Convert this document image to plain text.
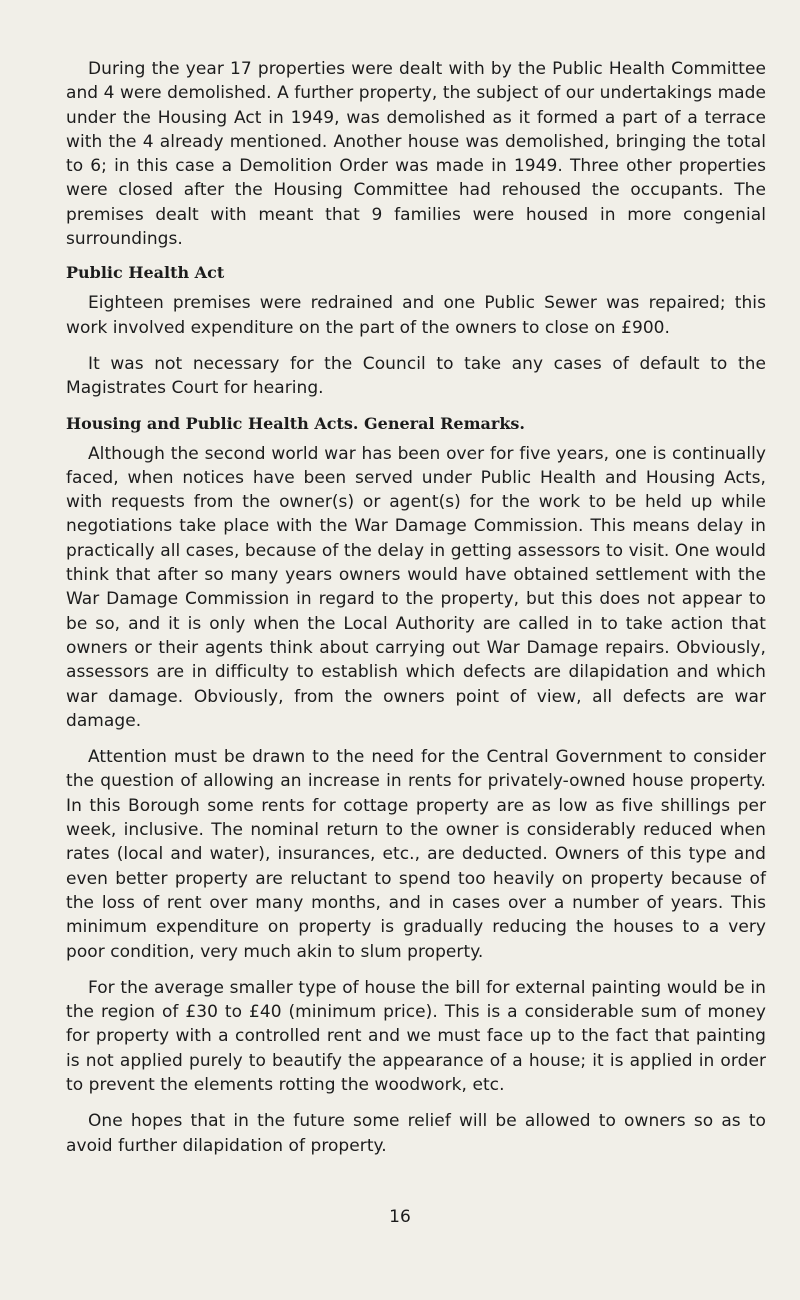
During the year 17 properties were dealt with by the Public Health Committee and 4 were demolished. A further property, the subject of our undertakings made under the Housing Act in 1949, was demolished as it formed a part of a terrace with the 4 already mentioned. Another house was demolished, bringing the total to 6; in this case a Demolition Order was made in 1949. Three other properties were closed after the Housing Committee had rehoused the occupants. The premises dealt with meant that 9 families were housed in more congenial surroundings.

Public Health Act

Eighteen premises were redrained and one Public Sewer was repaired; this work involved expenditure on the part of the owners to close on £900.

It was not necessary for the Council to take any cases of default to the Magistrates Court for hearing.

Housing and Public Health Acts. General Remarks.

Although the second world war has been over for five years, one is continually faced, when notices have been served under Public Health and Housing Acts, with requests from the owner(s) or agent(s) for the work to be held up while negotiations take place with the War Damage Commission. This means delay in practically all cases, because of the delay in getting assessors to visit. One would think that after so many years owners would have obtained settlement with the War Damage Commission in regard to the property, but this does not appear to be so, and it is only when the Local Authority are called in to take action that owners or their agents think about carrying out War Damage repairs. Obviously, assessors are in difficulty to establish which defects are dilapidation and which war damage. Obviously, from the owners point of view, all defects are war damage.

Attention must be drawn to the need for the Central Government to consider the question of allowing an increase in rents for privately-owned house property. In this Borough some rents for cottage property are as low as five shillings per week, inclusive. The nominal return to the owner is considerably reduced when rates (local and water), insurances, etc., are deducted. Owners of this type and even better property are reluctant to spend too heavily on property because of the loss of rent over many months, and in cases over a number of years. This minimum expenditure on property is gradually reducing the houses to a very poor condition, very much akin to slum property.

For the average smaller type of house the bill for external painting would be in the region of £30 to £40 (minimum price). This is a considerable sum of money for property with a controlled rent and we must face up to the fact that painting is not applied purely to beautify the appearance of a house; it is applied in order to prevent the elements rotting the woodwork, etc.

One hopes that in the future some relief will be allowed to owners so as to avoid further dilapidation of property.

16
